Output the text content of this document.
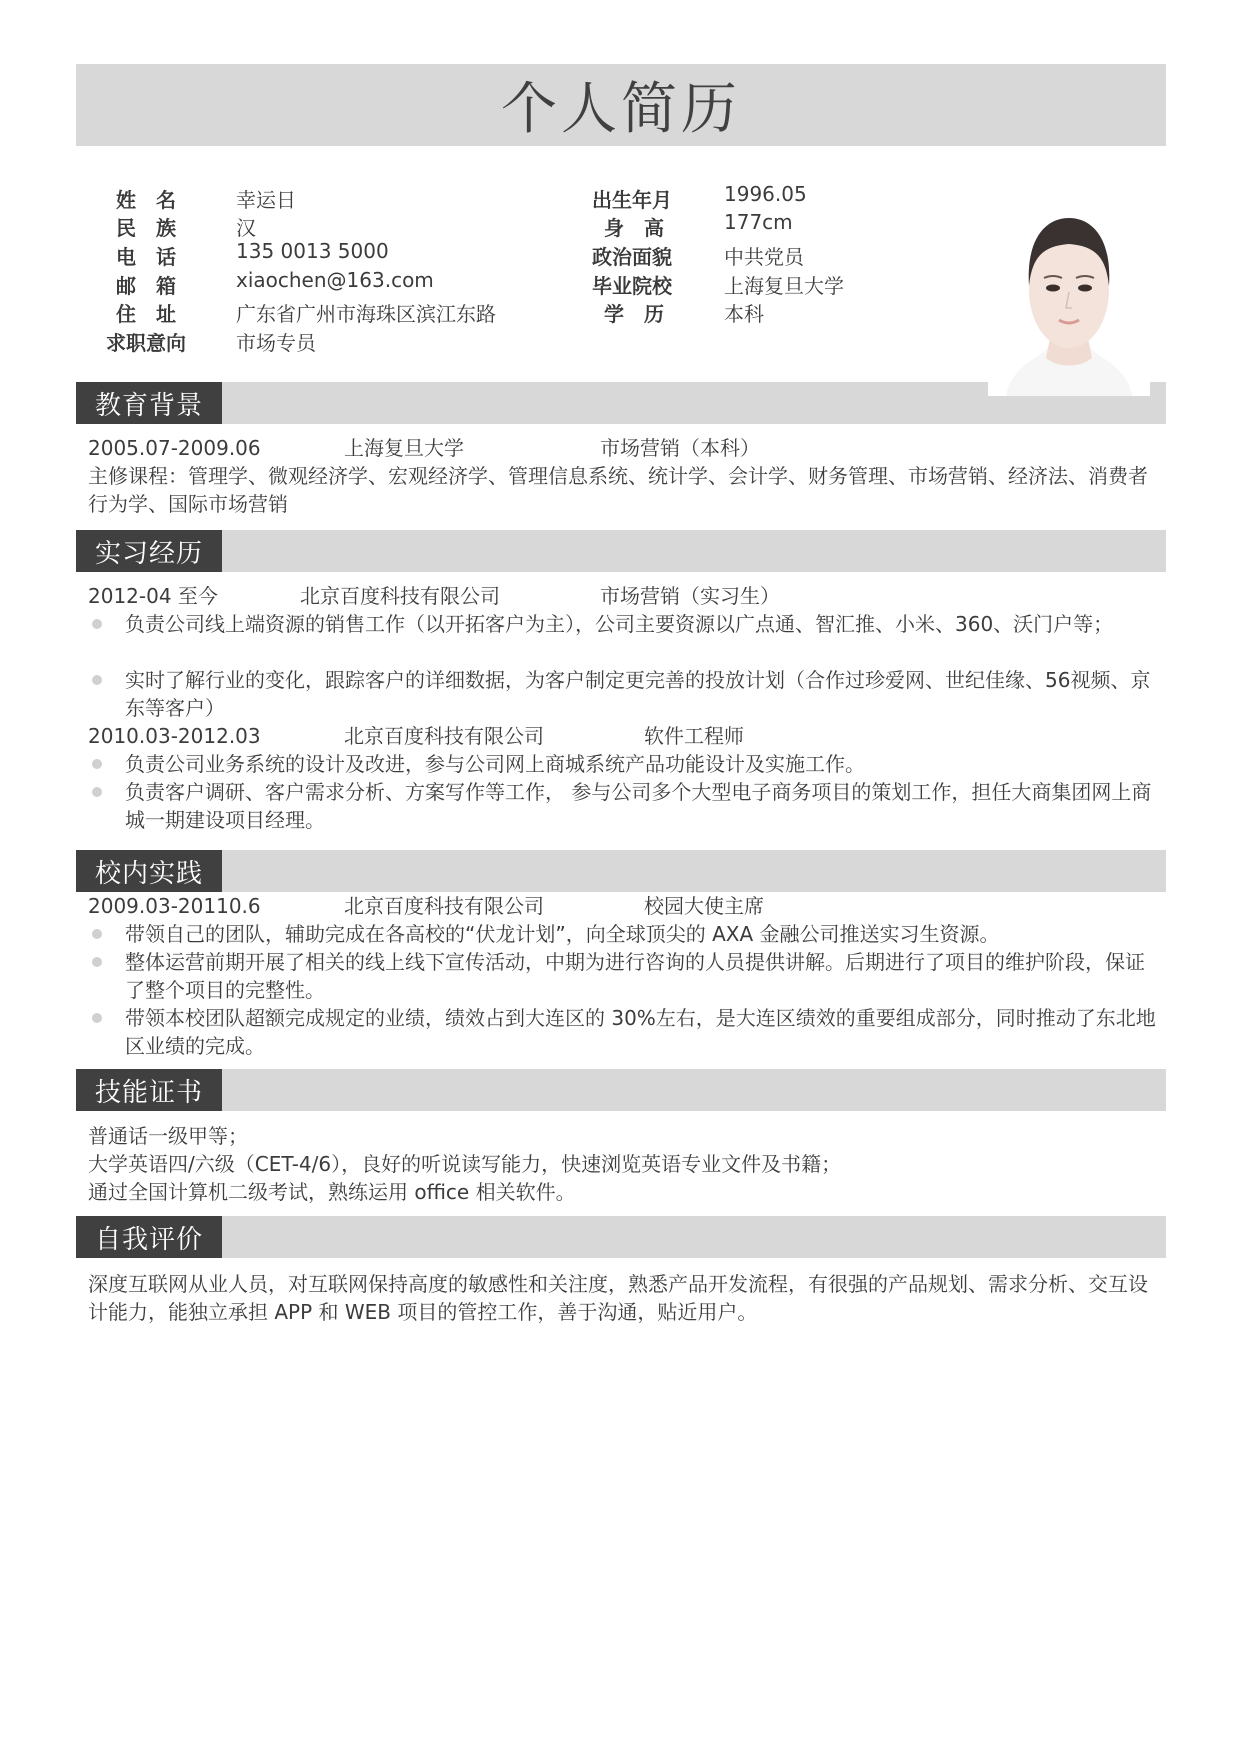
个人简历
姓　名	幸运日
民　族	汉
电　话	135 0013 5000
邮　箱	xiaochen@163.com
住　址	广东省广州市海珠区滨江东路
求职意向	市场专员
出生年月	1996.05
身　高	177cm
政治面貌	中共党员
毕业院校	上海复旦大学
学　历	本科
教育背景
2005.07-2009.06	上海复旦大学	市场营销（本科）
主修课程：管理学、微观经济学、宏观经济学、管理信息系统、统计学、会计学、财务管理、市场营销、经济法、消费者行为学、国际市场营销
实习经历
2012-04 至今	北京百度科技有限公司	市场营销（实习生）
负责公司线上端资源的销售工作（以开拓客户为主），公司主要资源以广点通、智汇推、小米、360、沃门户等；
实时了解行业的变化，跟踪客户的详细数据，为客户制定更完善的投放计划（合作过珍爱网、世纪佳缘、56视频、京东等客户）
2010.03-2012.03	北京百度科技有限公司	软件工程师
负责公司业务系统的设计及改进，参与公司网上商城系统产品功能设计及实施工作。
负责客户调研、客户需求分析、方案写作等工作， 参与公司多个大型电子商务项目的策划工作，担任大商集团网上商城一期建设项目经理。
校内实践
2009.03-20110.6	北京百度科技有限公司	校园大使主席
带领自己的团队，辅助完成在各高校的“伏龙计划”，向全球顶尖的 AXA 金融公司推送实习生资源。
整体运营前期开展了相关的线上线下宣传活动，中期为进行咨询的人员提供讲解。后期进行了项目的维护阶段，保证了整个项目的完整性。
带领本校团队超额完成规定的业绩，绩效占到大连区的 30%左右，是大连区绩效的重要组成部分，同时推动了东北地区业绩的完成。
技能证书
普通话一级甲等；
大学英语四/六级（CET-4/6），良好的听说读写能力，快速浏览英语专业文件及书籍；
通过全国计算机二级考试，熟练运用 office 相关软件。
自我评价
深度互联网从业人员，对互联网保持高度的敏感性和关注度，熟悉产品开发流程，有很强的产品规划、需求分析、交互设计能力，能独立承担 APP 和 WEB 项目的管控工作，善于沟通，贴近用户。
